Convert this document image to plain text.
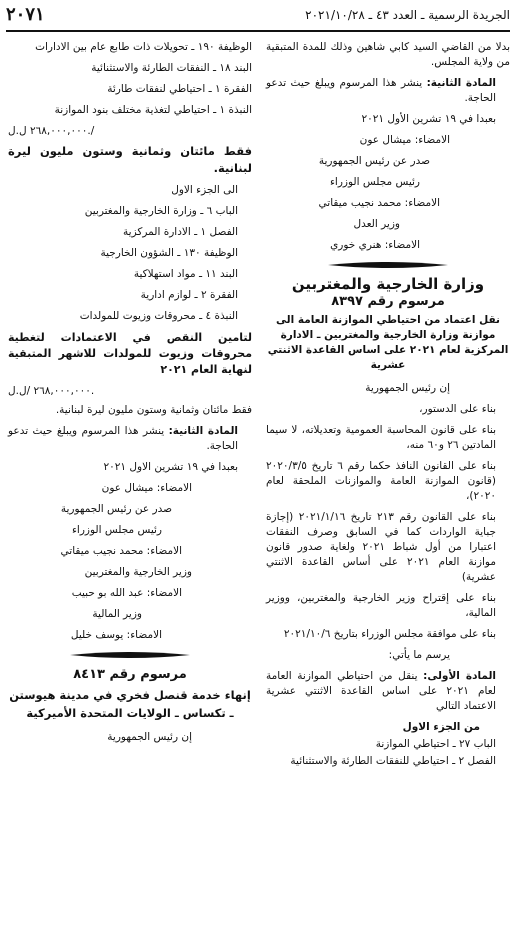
الجريدة الرسمية ـ العدد ٤٣ ـ ٢٠٢١/١٠/٢٨
٢٠٧١

بدلا من القاضي السيد كابي شاهين وذلك للمدة المتبقية من ولاية المجلس.

المادة الثانية: ينشر هذا المرسوم ويبلغ حيث تدعو الحاجة.

بعبدا في ١٩ تشرين الأول ٢٠٢١

الامضاء: ميشال عون

صدر عن رئيس الجمهورية

رئيس مجلس الوزراء

الامضاء: محمد نجيب ميقاتي

وزير العدل

الامضاء: هنري خوري

وزارة الخارجية والمغتربين
مرسوم رقم ٨٣٩٧

نقل اعتماد من احتياطي الموازنة العامة الى موازنة وزارة الخارجية والمغتربين ـ الادارة المركزية لعام ٢٠٢١ على اساس القاعدة الاثنتي عشرية

إن رئيس الجمهورية

بناء على الدستور،

بناء على قانون المحاسبة العمومية وتعديلاته، لا سيما المادتين ٢٦ و٦٠ منه،

بناء على القانون النافذ حكما رقم ٦ تاريخ ٢٠٢٠/٣/٥ (قانون الموازنة العامة والموازنات الملحقة لعام ٢٠٢٠)،

بناء على القانون رقم ٢١٣ تاريخ ٢٠٢١/١/١٦ (إجازة جباية الواردات كما في السابق وصرف النفقات اعتبارا من أول شباط ٢٠٢١ ولغاية صدور قانون موازنة العام ٢٠٢١ على أساس القاعدة الاثنتي عشرية)

بناء على إقتراح وزير الخارجية والمغتربين، ووزير المالية،

بناء على موافقة مجلس الوزراء بتاريخ ٢٠٢١/١٠/٦

يرسم ما يأتي:

المادة الأولى: ينقل من احتياطي الموازنة العامة لعام ٢٠٢١ على اساس القاعدة الاثنتي عشرية الاعتماد التالي

من الجزء الاول

الباب ٢٧ ـ احتياطي الموازنة

الفصل ٢ ـ احتياطي للنفقات الطارئة والاستثنائية

الوظيفة ١٩٠ ـ تحويلات ذات طابع عام بين الادارات

البند ١٨ ـ النفقات الطارئة والاستثنائية

الفقرة ١ ـ احتياطي لنفقات طارئة

النبذة ١ ـ احتياطي لتغذية مختلف بنود الموازنة

٢٦٨,٠٠٠,٠٠٠ ل.ل./

فقط مائتان وثمانية وستون مليون ليرة لبنانية.

الى الجزء الاول

الباب ٦ ـ وزارة الخارجية والمغتربين

الفصل ١ ـ الادارة المركزية

الوظيفة ١٣٠ ـ الشؤون الخارجية

البند ١١ ـ مواد استهلاكية

الفقرة ٢ ـ لوازم ادارية

النبذة ٤ ـ محروقات وزيوت للمولدات

لتامين النقص في الاعتمادات لتغطية محروقات وزيوت للمولدات للاشهر المتبقية لنهاية العام ٢٠٢١

٢٦٨,٠٠٠,٠٠٠ /ل.ل.

فقط مائتان وثمانية وستون مليون ليرة لبنانية.

المادة الثانية: ينشر هذا المرسوم ويبلغ حيث تدعو الحاجة.

بعبدا في ١٩ تشرين الاول ٢٠٢١

الامضاء: ميشال عون

صدر عن رئيس الجمهورية

رئيس مجلس الوزراء

الامضاء: محمد نجيب ميقاتي

وزير الخارجية والمغتربين

الامضاء: عبد الله بو حبيب

وزير المالية

الامضاء: يوسف خليل

مرسوم رقم ٨٤١٣

إنهاء خدمة قنصل فخري في مدينة هيوستن ـ تكساس ـ الولايات المتحدة الأميركية

إن رئيس الجمهورية
